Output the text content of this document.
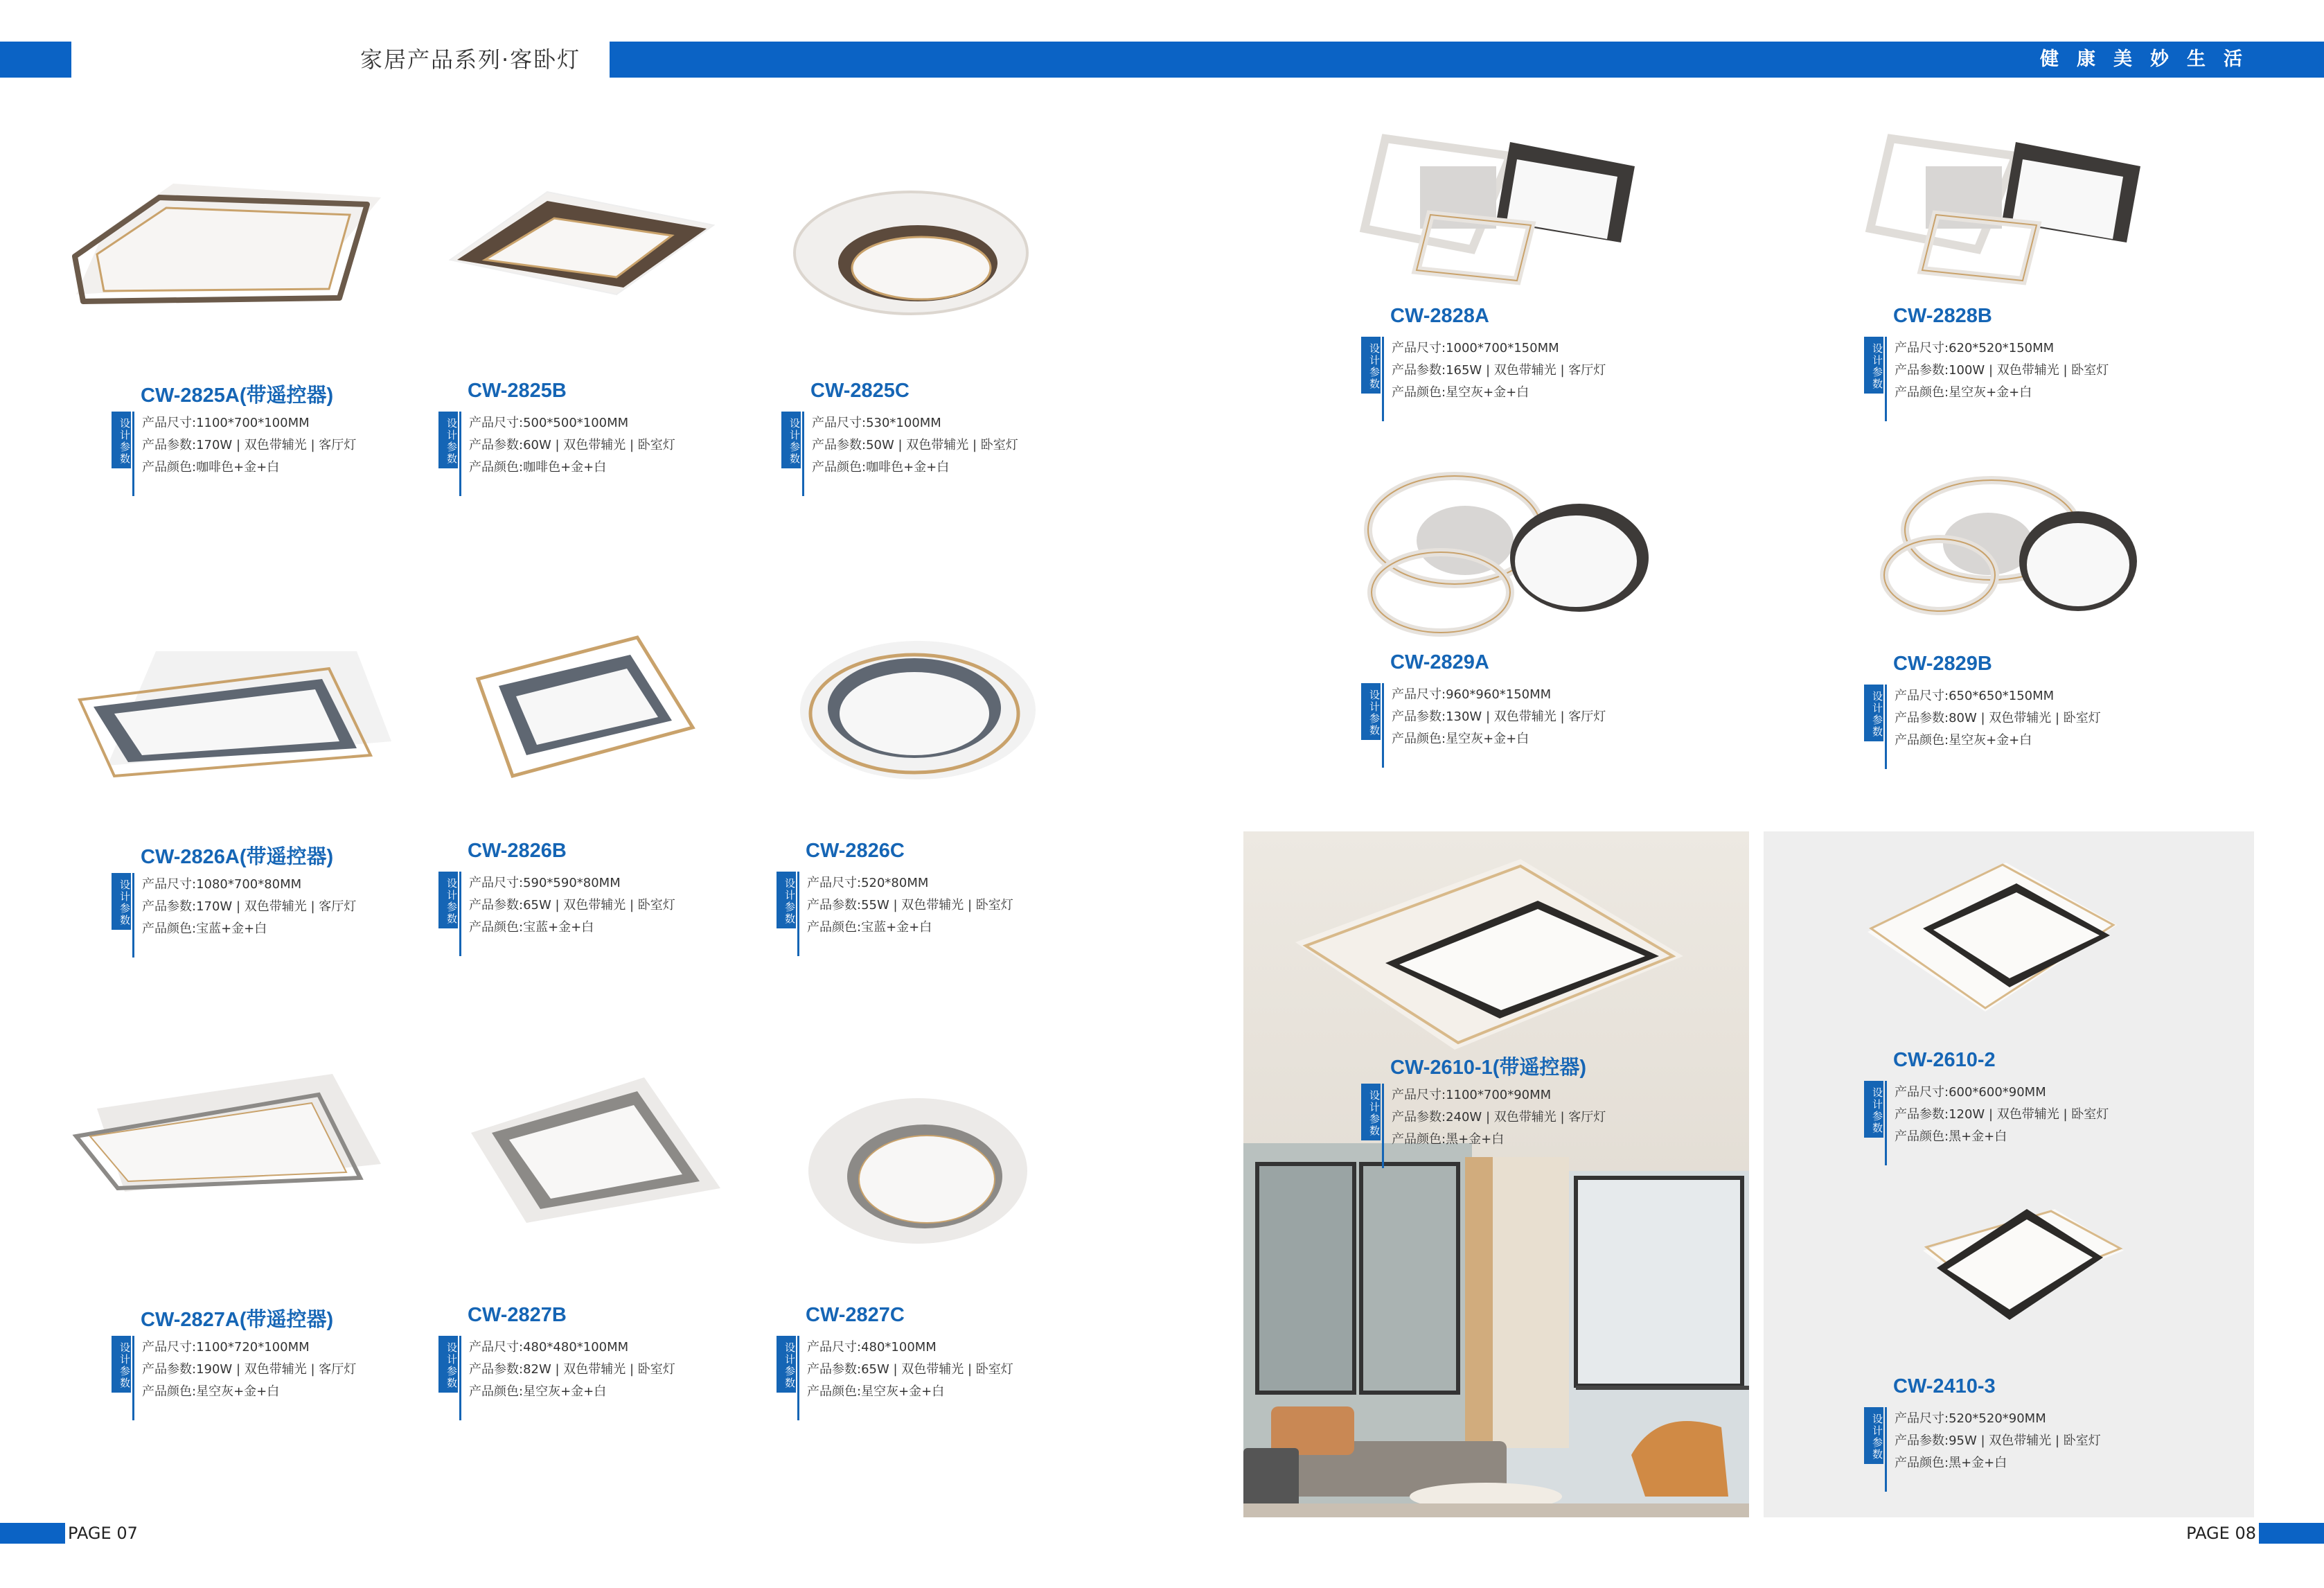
家居产品系列·客卧灯	健康美妙生活
CW-2825A(带遥控器)
设计参数 产品尺寸:1100*700*100MM
产品参数:170W | 双色带辅光 | 客厅灯
产品颜色:咖啡色+金+白
CW-2825B
设计参数 产品尺寸:500*500*100MM
产品参数:60W | 双色带辅光 | 卧室灯
产品颜色:咖啡色+金+白
CW-2825C
设计参数 产品尺寸:530*100MM
产品参数:50W | 双色带辅光 | 卧室灯
产品颜色:咖啡色+金+白
CW-2826A(带遥控器)
设计参数 产品尺寸:1080*700*80MM
产品参数:170W | 双色带辅光 | 客厅灯
产品颜色:宝蓝+金+白
CW-2826B
设计参数 产品尺寸:590*590*80MM
产品参数:65W | 双色带辅光 | 卧室灯
产品颜色:宝蓝+金+白
CW-2826C
设计参数 产品尺寸:520*80MM
产品参数:55W | 双色带辅光 | 卧室灯
产品颜色:宝蓝+金+白
CW-2827A(带遥控器)
设计参数 产品尺寸:1100*720*100MM
产品参数:190W | 双色带辅光 | 客厅灯
产品颜色:星空灰+金+白
CW-2827B
设计参数 产品尺寸:480*480*100MM
产品参数:82W | 双色带辅光 | 卧室灯
产品颜色:星空灰+金+白
CW-2827C
设计参数 产品尺寸:480*100MM
产品参数:65W | 双色带辅光 | 卧室灯
产品颜色:星空灰+金+白
CW-2828A
设计参数 产品尺寸:1000*700*150MM
产品参数:165W | 双色带辅光 | 客厅灯
产品颜色:星空灰+金+白
CW-2828B
设计参数 产品尺寸:620*520*150MM
产品参数:100W | 双色带辅光 | 卧室灯
产品颜色:星空灰+金+白
CW-2829A
设计参数 产品尺寸:960*960*150MM
产品参数:130W | 双色带辅光 | 客厅灯
产品颜色:星空灰+金+白
CW-2829B
设计参数 产品尺寸:650*650*150MM
产品参数:80W | 双色带辅光 | 卧室灯
产品颜色:星空灰+金+白
CW-2610-1(带遥控器)
设计参数 产品尺寸:1100*700*90MM
产品参数:240W | 双色带辅光 | 客厅灯
产品颜色:黑+金+白
CW-2610-2
设计参数 产品尺寸:600*600*90MM
产品参数:120W | 双色带辅光 | 卧室灯
产品颜色:黑+金+白
CW-2410-3
设计参数 产品尺寸:520*520*90MM
产品参数:95W | 双色带辅光 | 卧室灯
产品颜色:黑+金+白
PAGE 07	PAGE 08
